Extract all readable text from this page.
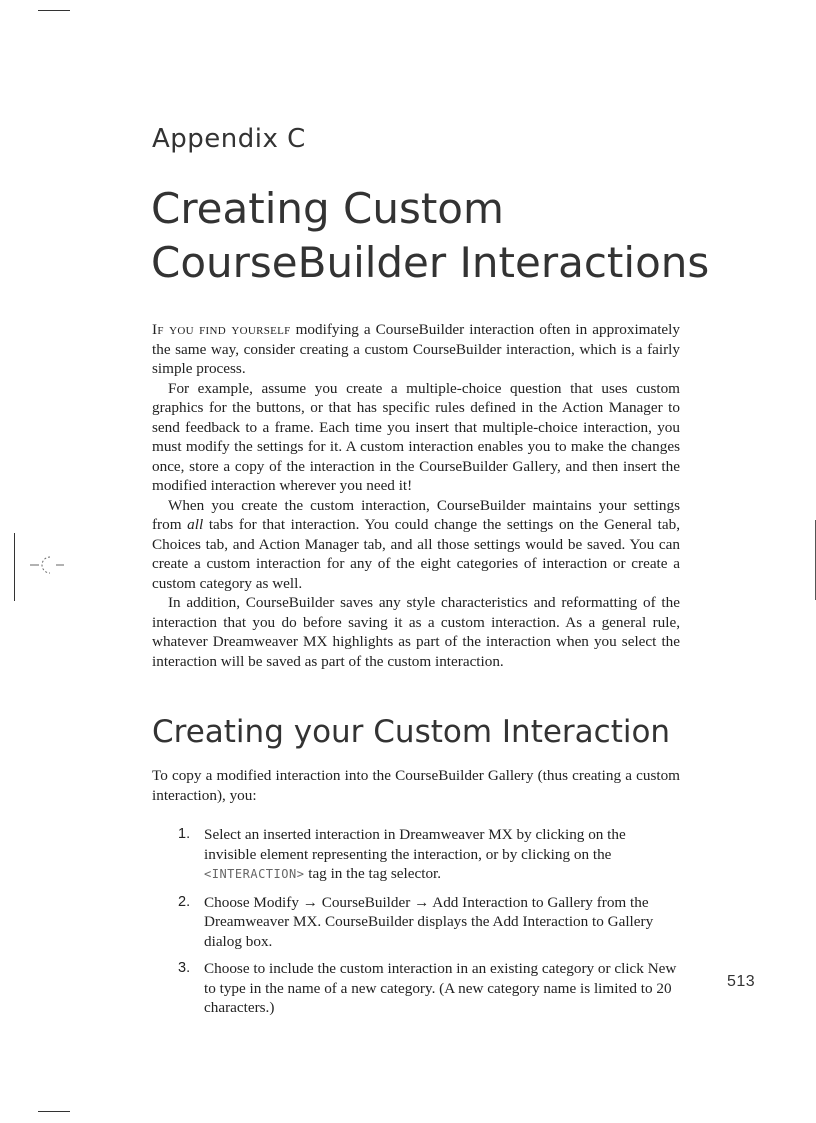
Appendix C
Creating Custom
CourseBuilder Interactions

If you find yourself modifying a CourseBuilder interaction often in approximately the same way, consider creating a custom CourseBuilder interaction, which is a fairly simple process.

For example, assume you create a multiple-choice question that uses custom graphics for the buttons, or that has specific rules defined in the Action Manager to send feedback to a frame. Each time you insert that multiple-choice interaction, you must modify the settings for it. A custom interaction enables you to make the changes once, store a copy of the interaction in the CourseBuilder Gallery, and then insert the modified interaction wherever you need it!

When you create the custom interaction, CourseBuilder maintains your settings from all tabs for that interaction. You could change the settings on the General tab, Choices tab, and Action Manager tab, and all those settings would be saved. You can create a custom interaction for any of the eight categories of interaction or create a custom category as well.

In addition, CourseBuilder saves any style characteristics and reformatting of the interaction that you do before saving it as a custom interaction. As a general rule, whatever Dreamweaver MX highlights as part of the interaction when you select the interaction will be saved as part of the custom interaction.

Creating your Custom Interaction

To copy a modified interaction into the CourseBuilder Gallery (thus creating a custom interaction), you:

1. Select an inserted interaction in Dreamweaver MX by clicking on the invisible element representing the interaction, or by clicking on the <INTERACTION> tag in the tag selector.
2. Choose Modify → CourseBuilder → Add Interaction to Gallery from the Dreamweaver MX. CourseBuilder displays the Add Interaction to Gallery dialog box.
3. Choose to include the custom interaction in an existing category or click New to type in the name of a new category. (A new category name is limited to 20 characters.)
513
